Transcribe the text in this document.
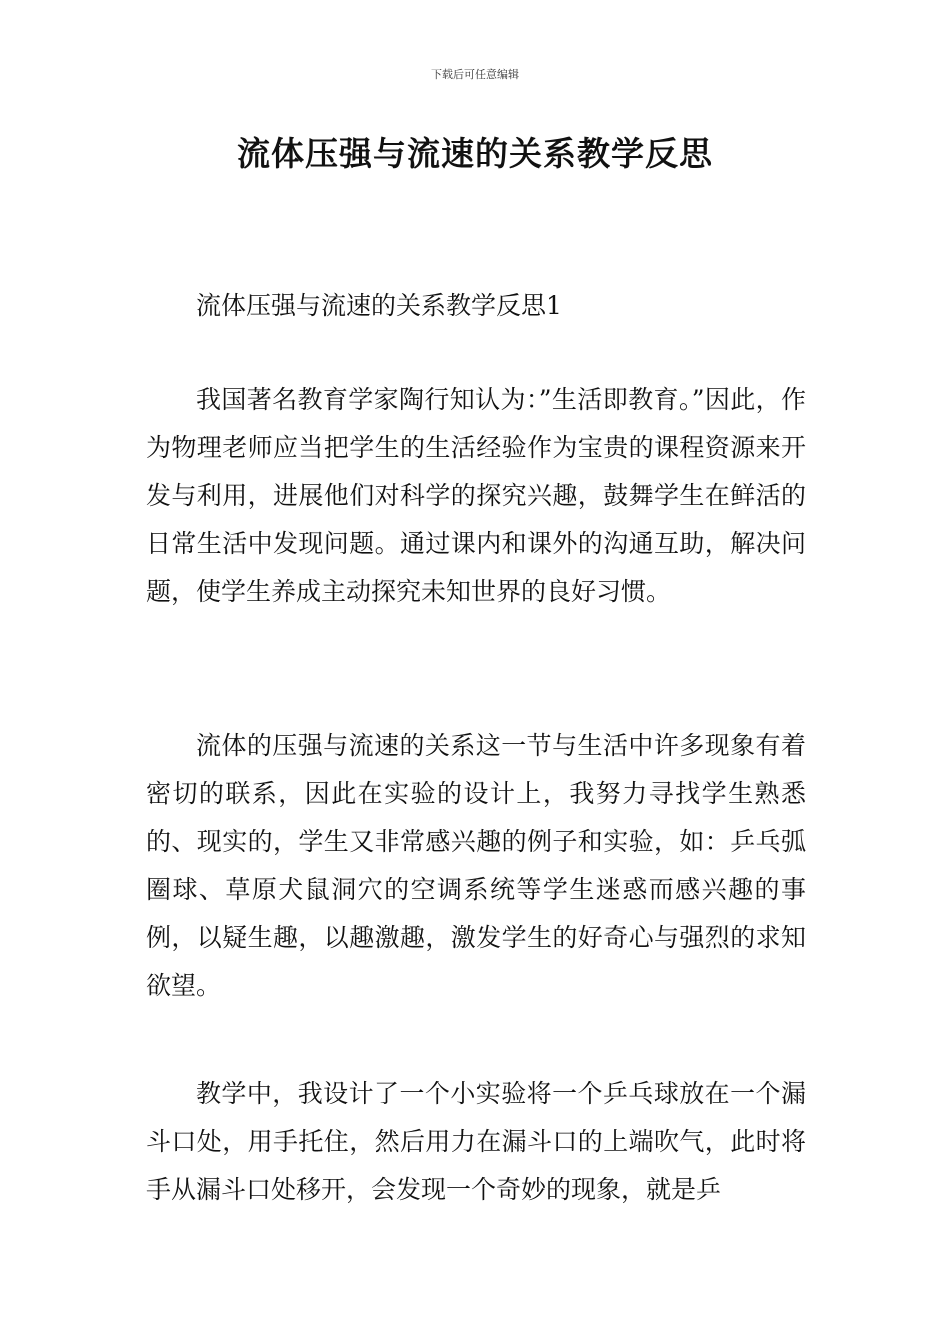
下载后可任意编辑
流体压强与流速的关系教学反思

流体压强与流速的关系教学反思1

我国著名教育学家陶行知认为：”生活即教育。”因此，作为物理老师应当把学生的生活经验作为宝贵的课程资源来开发与利用，进展他们对科学的探究兴趣，鼓舞学生在鲜活的日常生活中发现问题。通过课内和课外的沟通互助，解决问题，使学生养成主动探究未知世界的良好习惯。

流体的压强与流速的关系这一节与生活中许多现象有着密切的联系，因此在实验的设计上，我努力寻找学生熟悉的、现实的，学生又非常感兴趣的例子和实验，如：乒乓弧圈球、草原犬鼠洞穴的空调系统等学生迷惑而感兴趣的事例，以疑生趣，以趣激趣，激发学生的好奇心与强烈的求知欲望。

教学中，我设计了一个小实验将一个乒乓球放在一个漏斗口处，用手托住，然后用力在漏斗口的上端吹气，此时将手从漏斗口处移开，会发现一个奇妙的现象，就是乒
